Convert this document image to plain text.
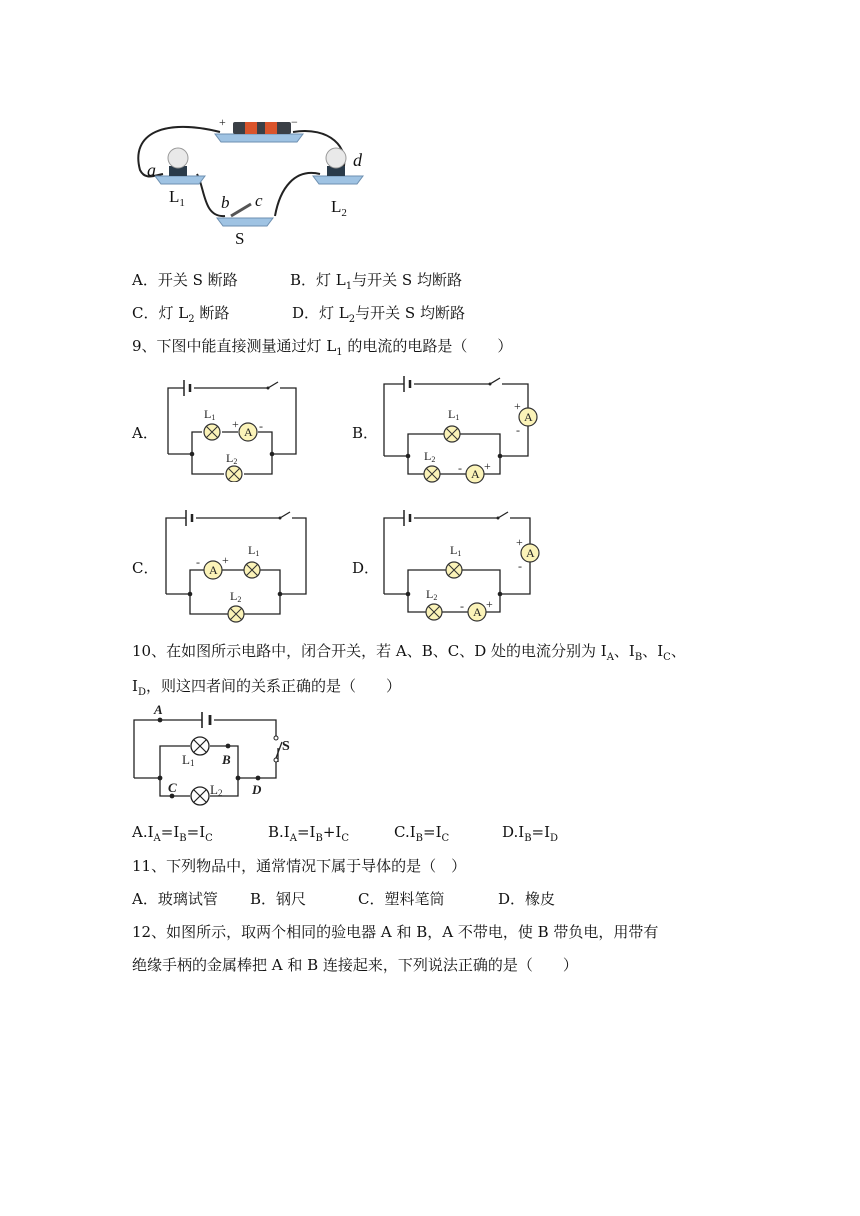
+	−
a
$L_1$
d
$L_2$
b c
S
A．开关 S 断路	B．灯 $L_1$与开关 S 均断路
C．灯 $L_2$ 断路	D．灯 $L_2$与开关 S 均断路
9、下图中能直接测量通过灯 $L_1$ 的电流的电路是（　　）
A．
L1
A
+ -
L2
B．
A
+
-
L1
L2
A
- +
C．	A
- +
L1
L2
D．
A
+
-
L1
L2
A
- +
10、在如图所示电路中，闭合开关，若 A、B、C、D 处的电流分别为 $I_A$、$I_B$、$I_C$、
$I_D$，则这四者间的关系正确的是（　　）
S
A
L1
L2
B
C	D
$A.I_A=I_B=I_C$	$B.I_A=I_B+I_C$	$C.I_B=I_C$	$D.I_B=I_D$
11、下列物品中，通常情况下属于导体的是（　）
A．玻璃试管 B．钢尺	C．塑料笔筒	D．橡皮
12、如图所示，取两个相同的验电器 A 和 B，A 不带电，使 B 带负电，用带有
绝缘手柄的金属棒把 A 和 B 连接起来，下列说法正确的是（　　）
